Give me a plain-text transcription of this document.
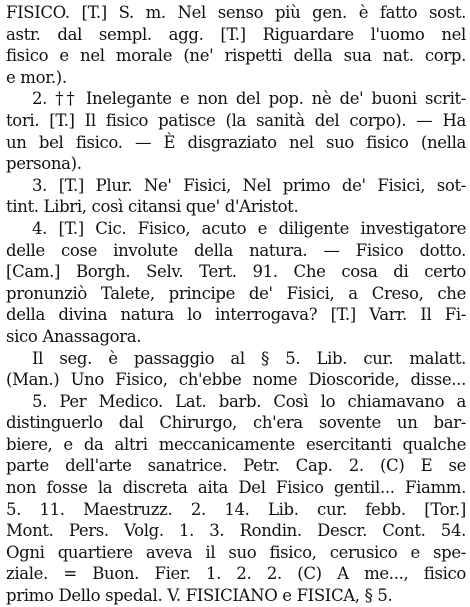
FISICO. [T.] S. m. Nel senso più gen. è fatto sost.
astr. dal sempl. agg. [T.] Riguardare l'uomo nel
fisico e nel morale (ne' rispetti della sua nat. corp.
e mor.).
2. †† Inelegante e non del pop. nè de' buoni scrit-
tori. [T.] Il fisico patisce (la sanità del corpo). — Ha
un bel fisico. — È disgraziato nel suo fisico (nella
persona).
3. [T.] Plur. Ne' Fisici, Nel primo de' Fisici, sot-
tint. Libri, così citansi que' d'Aristot.
4. [T.] Cic. Fisico, acuto e diligente investigatore
delle cose involute della natura. — Fisico dotto.
[Cam.] Borgh. Selv. Tert. 91. Che cosa di certo
pronunziò Talete, principe de' Fisici, a Creso, che
della divina natura lo interrogava? [T.] Varr. Il Fi-
sico Anassagora.
Il seg. è passaggio al § 5. Lib. cur. malatt.
(Man.) Uno Fisico, ch'ebbe nome Dioscoride, disse...
5. Per Medico. Lat. barb. Così lo chiamavano a
distinguerlo dal Chirurgo, ch'era sovente un bar-
biere, e da altri meccanicamente esercitanti qualche
parte dell'arte sanatrice. Petr. Cap. 2. (C) E se
non fosse la discreta aita Del Fisico gentil... Fiamm.
5. 11. Maestruzz. 2. 14. Lib. cur. febb. [Tor.]
Mont. Pers. Volg. 1. 3. Rondin. Descr. Cont. 54.
Ogni quartiere aveva il suo fisico, cerusico e spe-
ziale. = Buon. Fier. 1. 2. 2. (C) A me..., fisico
primo Dello spedal. V. FISICIANO e FISICA, § 5.
